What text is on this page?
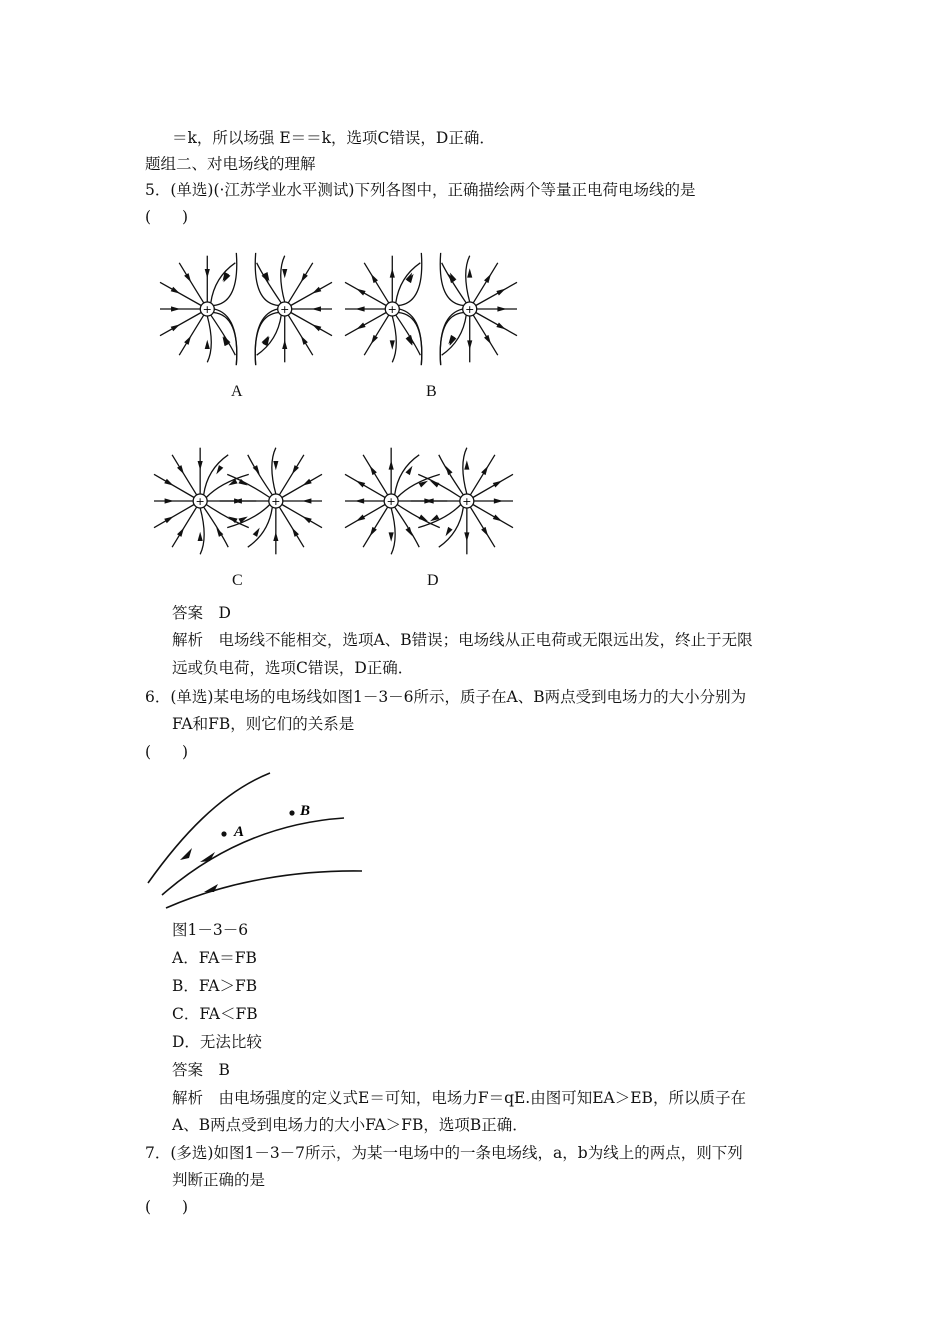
＝k，所以场强 E＝＝k，选项C错误，D正确．
题组二、对电场线的理解
5．(单选)(·江苏学业水平测试)下列各图中，正确描绘两个等量正电荷电场线的是
(　　)
+	+	+	+
+	+	+	+
A	B
C	D
答案　D
解析　电场线不能相交，选项A、B错误；电场线从正电荷或无限远出发，终止于无限
远或负电荷，选项C错误，D正确．
6．(单选)某电场的电场线如图1－3－6所示，质子在A、B两点受到电场力的大小分别为
FA和FB，则它们的关系是
(　　)
A
B
图1－3－6
A．FA＝FB
B．FA＞FB
C．FA＜FB
D．无法比较
答案　B
解析　由电场强度的定义式E＝可知，电场力F＝qE.由图可知EA＞EB，所以质子在
A、B两点受到电场力的大小FA＞FB，选项B正确．
7．(多选)如图1－3－7所示，为某一电场中的一条电场线，a，b为线上的两点，则下列
判断正确的是
(　　)
